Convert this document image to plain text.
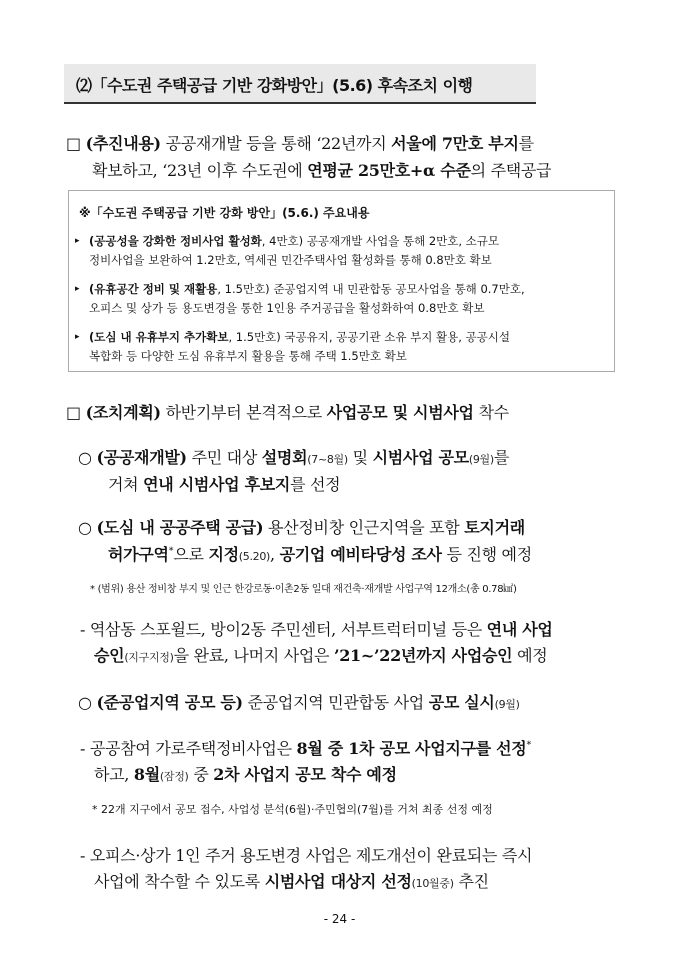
⑵「수도권 주택공급 기반 강화방안」(5.6) 후속조치 이행
□ (추진내용) 공공재개발 등을 통해 ‘22년까지 서울에 7만호 부지를
확보하고, ‘23년 이후 수도권에 연평균 25만호+α 수준의 주택공급
※「수도권 주택공급 기반 강화 방안」(5.6.) 주요내용
▸ (공공성을 강화한 정비사업 활성화, 4만호) 공공재개발 사업을 통해 2만호, 소규모
정비사업을 보완하여 1.2만호, 역세권 민간주택사업 활성화를 통해 0.8만호 확보
▸ (유휴공간 정비 및 재활용, 1.5만호) 준공업지역 내 민관합동 공모사업을 통해 0.7만호,
오피스 및 상가 등 용도변경을 통한 1인용 주거공급을 활성화하여 0.8만호 확보
▸ (도심 내 유휴부지 추가확보, 1.5만호) 국공유지, 공공기관 소유 부지 활용, 공공시설
복합화 등 다양한 도심 유휴부지 활용을 통해 주택 1.5만호 확보
□ (조치계획) 하반기부터 본격적으로 사업공모 및 시범사업 착수
○ (공공재개발) 주민 대상 설명회(7~8월) 및 시범사업 공모(9월)를
거쳐 연내 시범사업 후보지를 선정
○ (도심 내 공공주택 공급) 용산정비창 인근지역을 포함 토지거래
허가구역*으로 지정(5.20), 공기업 예비타당성 조사 등 진행 예정
* (범위) 용산 정비창 부지 및 인근 한강로동·이촌2동 일대 재건축·재개발 사업구역 12개소(총 0.78㎢)
- 역삼동 스포윌드, 방이2동 주민센터, 서부트럭터미널 등은 연내 사업
승인(지구지정)을 완료, 나머지 사업은 ’21~’22년까지 사업승인 예정
○ (준공업지역 공모 등) 준공업지역 민관합동 사업 공모 실시(9월)
- 공공참여 가로주택정비사업은 8월 중 1차 공모 사업지구를 선정*
하고, 8월(잠정) 중 2차 사업지 공모 착수 예정
* 22개 지구에서 공모 접수, 사업성 분석(6월)·주민협의(7월)를 거쳐 최종 선정 예정
- 오피스·상가 1인 주거 용도변경 사업은 제도개선이 완료되는 즉시
사업에 착수할 수 있도록 시범사업 대상지 선정(10월중) 추진
- 24 -
